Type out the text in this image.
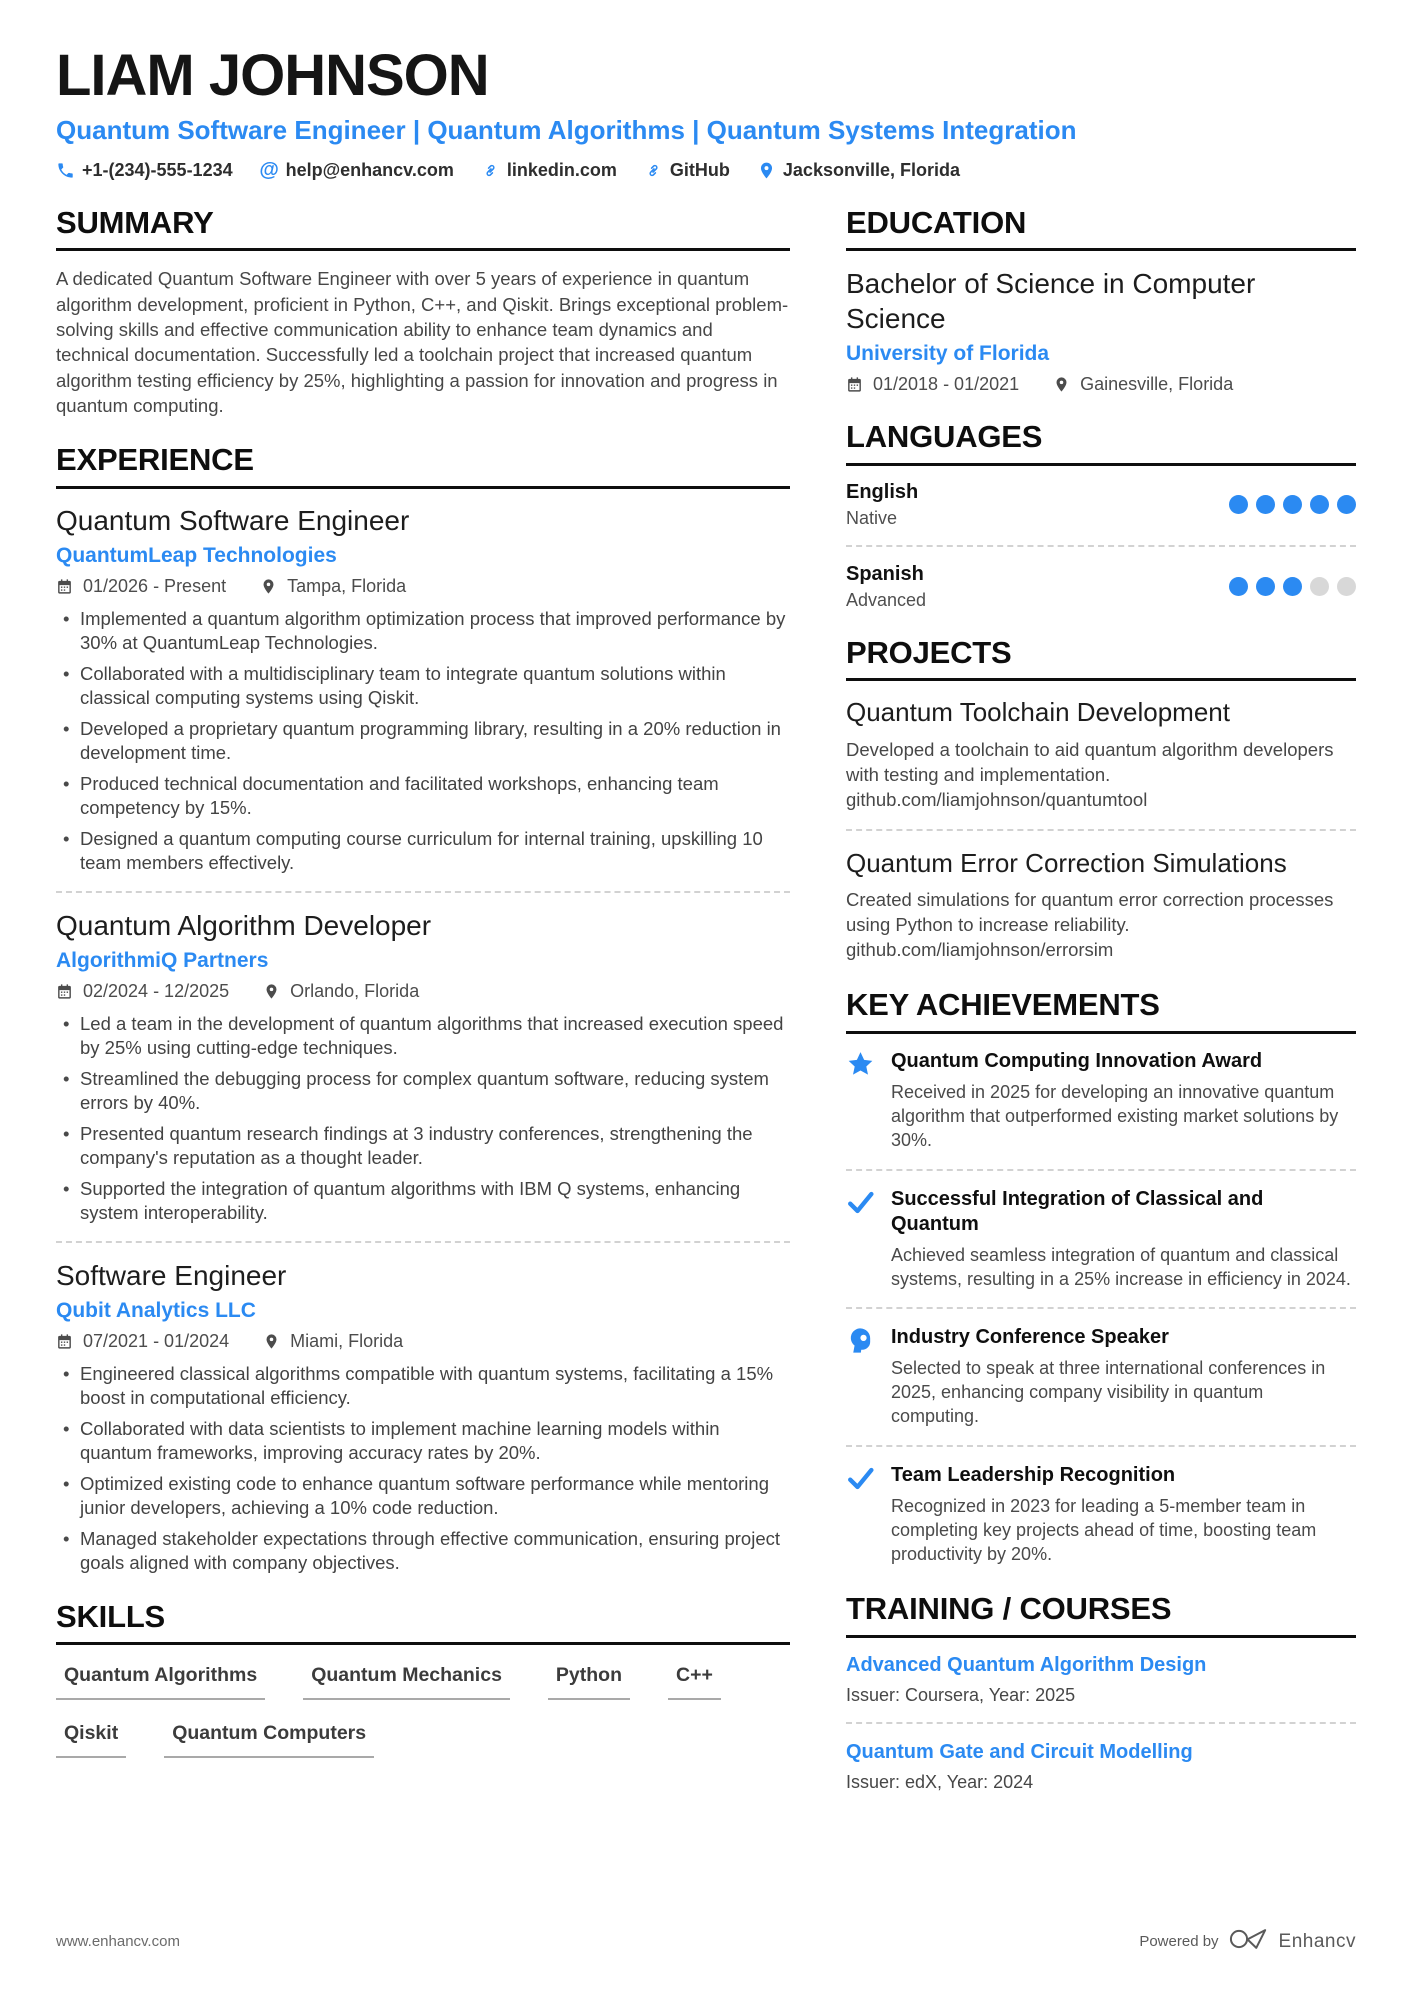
LIAM JOHNSON
Quantum Software Engineer | Quantum Algorithms | Quantum Systems Integration
+1-(234)-555-1234 @ help@enhancv.com	linkedin.com	GitHub	Jacksonville, Florida
SUMMARY

A dedicated Quantum Software Engineer with over 5 years of experience in quantum algorithm development, proficient in Python, C++, and Qiskit. Brings exceptional problem-solving skills and effective communication ability to enhance team dynamics and technical documentation. Successfully led a toolchain project that increased quantum algorithm testing efficiency by 25%, highlighting a passion for innovation and progress in quantum computing.

EXPERIENCE
Quantum Software Engineer
QuantumLeap Technologies
01/2026 - Present	Tampa, Florida
• Implemented a quantum algorithm optimization process that improved performance by 30% at QuantumLeap Technologies.
• Collaborated with a multidisciplinary team to integrate quantum solutions within classical computing systems using Qiskit.
• Developed a proprietary quantum programming library, resulting in a 20% reduction in development time.
• Produced technical documentation and facilitated workshops, enhancing team competency by 15%.
• Designed a quantum computing course curriculum for internal training, upskilling 10 team members effectively.
Quantum Algorithm Developer
AlgorithmiQ Partners
02/2024 - 12/2025	Orlando, Florida
• Led a team in the development of quantum algorithms that increased execution speed by 25% using cutting-edge techniques.
• Streamlined the debugging process for complex quantum software, reducing system errors by 40%.
• Presented quantum research findings at 3 industry conferences, strengthening the company's reputation as a thought leader.
• Supported the integration of quantum algorithms with IBM Q systems, enhancing system interoperability.
Software Engineer
Qubit Analytics LLC
07/2021 - 01/2024	Miami, Florida
• Engineered classical algorithms compatible with quantum systems, facilitating a 15% boost in computational efficiency.
• Collaborated with data scientists to implement machine learning models within quantum frameworks, improving accuracy rates by 20%.
• Optimized existing code to enhance quantum software performance while mentoring junior developers, achieving a 10% code reduction.
• Managed stakeholder expectations through effective communication, ensuring project goals aligned with company objectives.
SKILLS
Quantum Algorithms	Quantum Mechanics	Python	C++
Qiskit	Quantum Computers
EDUCATION
Bachelor of Science in Computer Science
University of Florida
01/2018 - 01/2021	Gainesville, Florida
LANGUAGES
English
Native
Spanish
Advanced
PROJECTS
Quantum Toolchain Development

Developed a toolchain to aid quantum algorithm developers with testing and implementation.

github.com/liamjohnson/quantumtool
Quantum Error Correction Simulations

Created simulations for quantum error correction processes using Python to increase reliability.

github.com/liamjohnson/errorsim
KEY ACHIEVEMENTS
Quantum Computing Innovation Award

Received in 2025 for developing an innovative quantum algorithm that outperformed existing market solutions by 30%.

Successful Integration of Classical and Quantum

Achieved seamless integration of quantum and classical systems, resulting in a 25% increase in efficiency in 2024.

Industry Conference Speaker

Selected to speak at three international conferences in 2025, enhancing company visibility in quantum computing.

Team Leadership Recognition

Recognized in 2023 for leading a 5-member team in completing key projects ahead of time, boosting team productivity by 20%.

TRAINING / COURSES
Advanced Quantum Algorithm Design
Issuer: Coursera, Year: 2025
Quantum Gate and Circuit Modelling
Issuer: edX, Year: 2024
www.enhancv.com	Powered by	Enhancv
